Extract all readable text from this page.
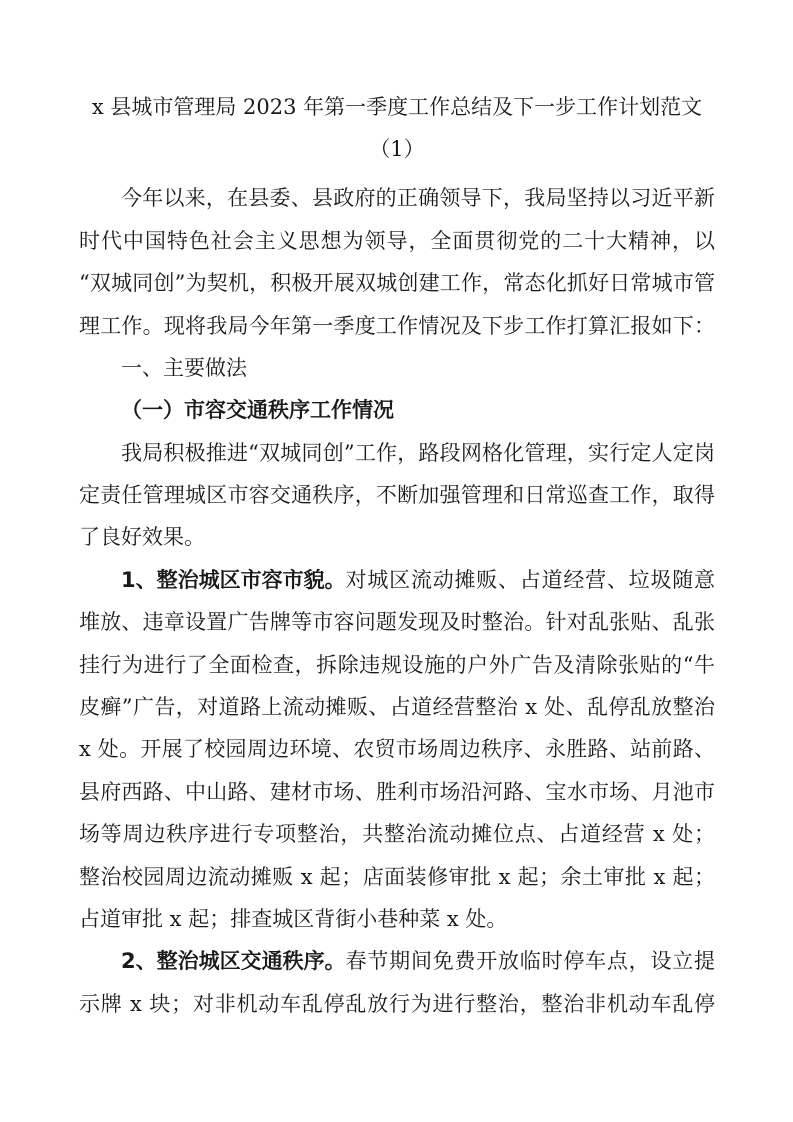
x 县城市管理局 2023 年第一季度工作总结及下一步工作计划范文
（1）
今年以来，在县委、县政府的正确领导下，我局坚持以习近平新
时代中国特色社会主义思想为领导，全面贯彻党的二十大精神，以
“双城同创”为契机，积极开展双城创建工作，常态化抓好日常城市管
理工作。现将我局今年第一季度工作情况及下步工作打算汇报如下：
一、主要做法
（一）市容交通秩序工作情况
我局积极推进“双城同创”工作，路段网格化管理，实行定人定岗
定责任管理城区市容交通秩序，不断加强管理和日常巡查工作，取得
了良好效果。
1、整治城区市容市貌。 对城区流动摊贩、占道经营、垃圾随意
堆放、违章设置广告牌等市容问题发现及时整治。针对乱张贴、乱张
挂行为进行了全面检查，拆除违规设施的户外广告及清除张贴的“牛
皮癣”广告，对道路上流动摊贩、占道经营整治 x 处、乱停乱放整治
x 处。开展了校园周边环境、农贸市场周边秩序、永胜路、站前路、
县府西路、中山路、建材市场、胜利市场沿河路、宝水市场、月池市
场等周边秩序进行专项整治，共整治流动摊位点、占道经营 x 处；
整治校园周边流动摊贩 x 起；店面装修审批 x 起；余土审批 x 起；
占道审批 x 起；排查城区背街小巷种菜 x 处。
2、整治城区交通秩序。 春节期间免费开放临时停车点，设立提
示牌 x 块；对非机动车乱停乱放行为进行整治，整治非机动车乱停
